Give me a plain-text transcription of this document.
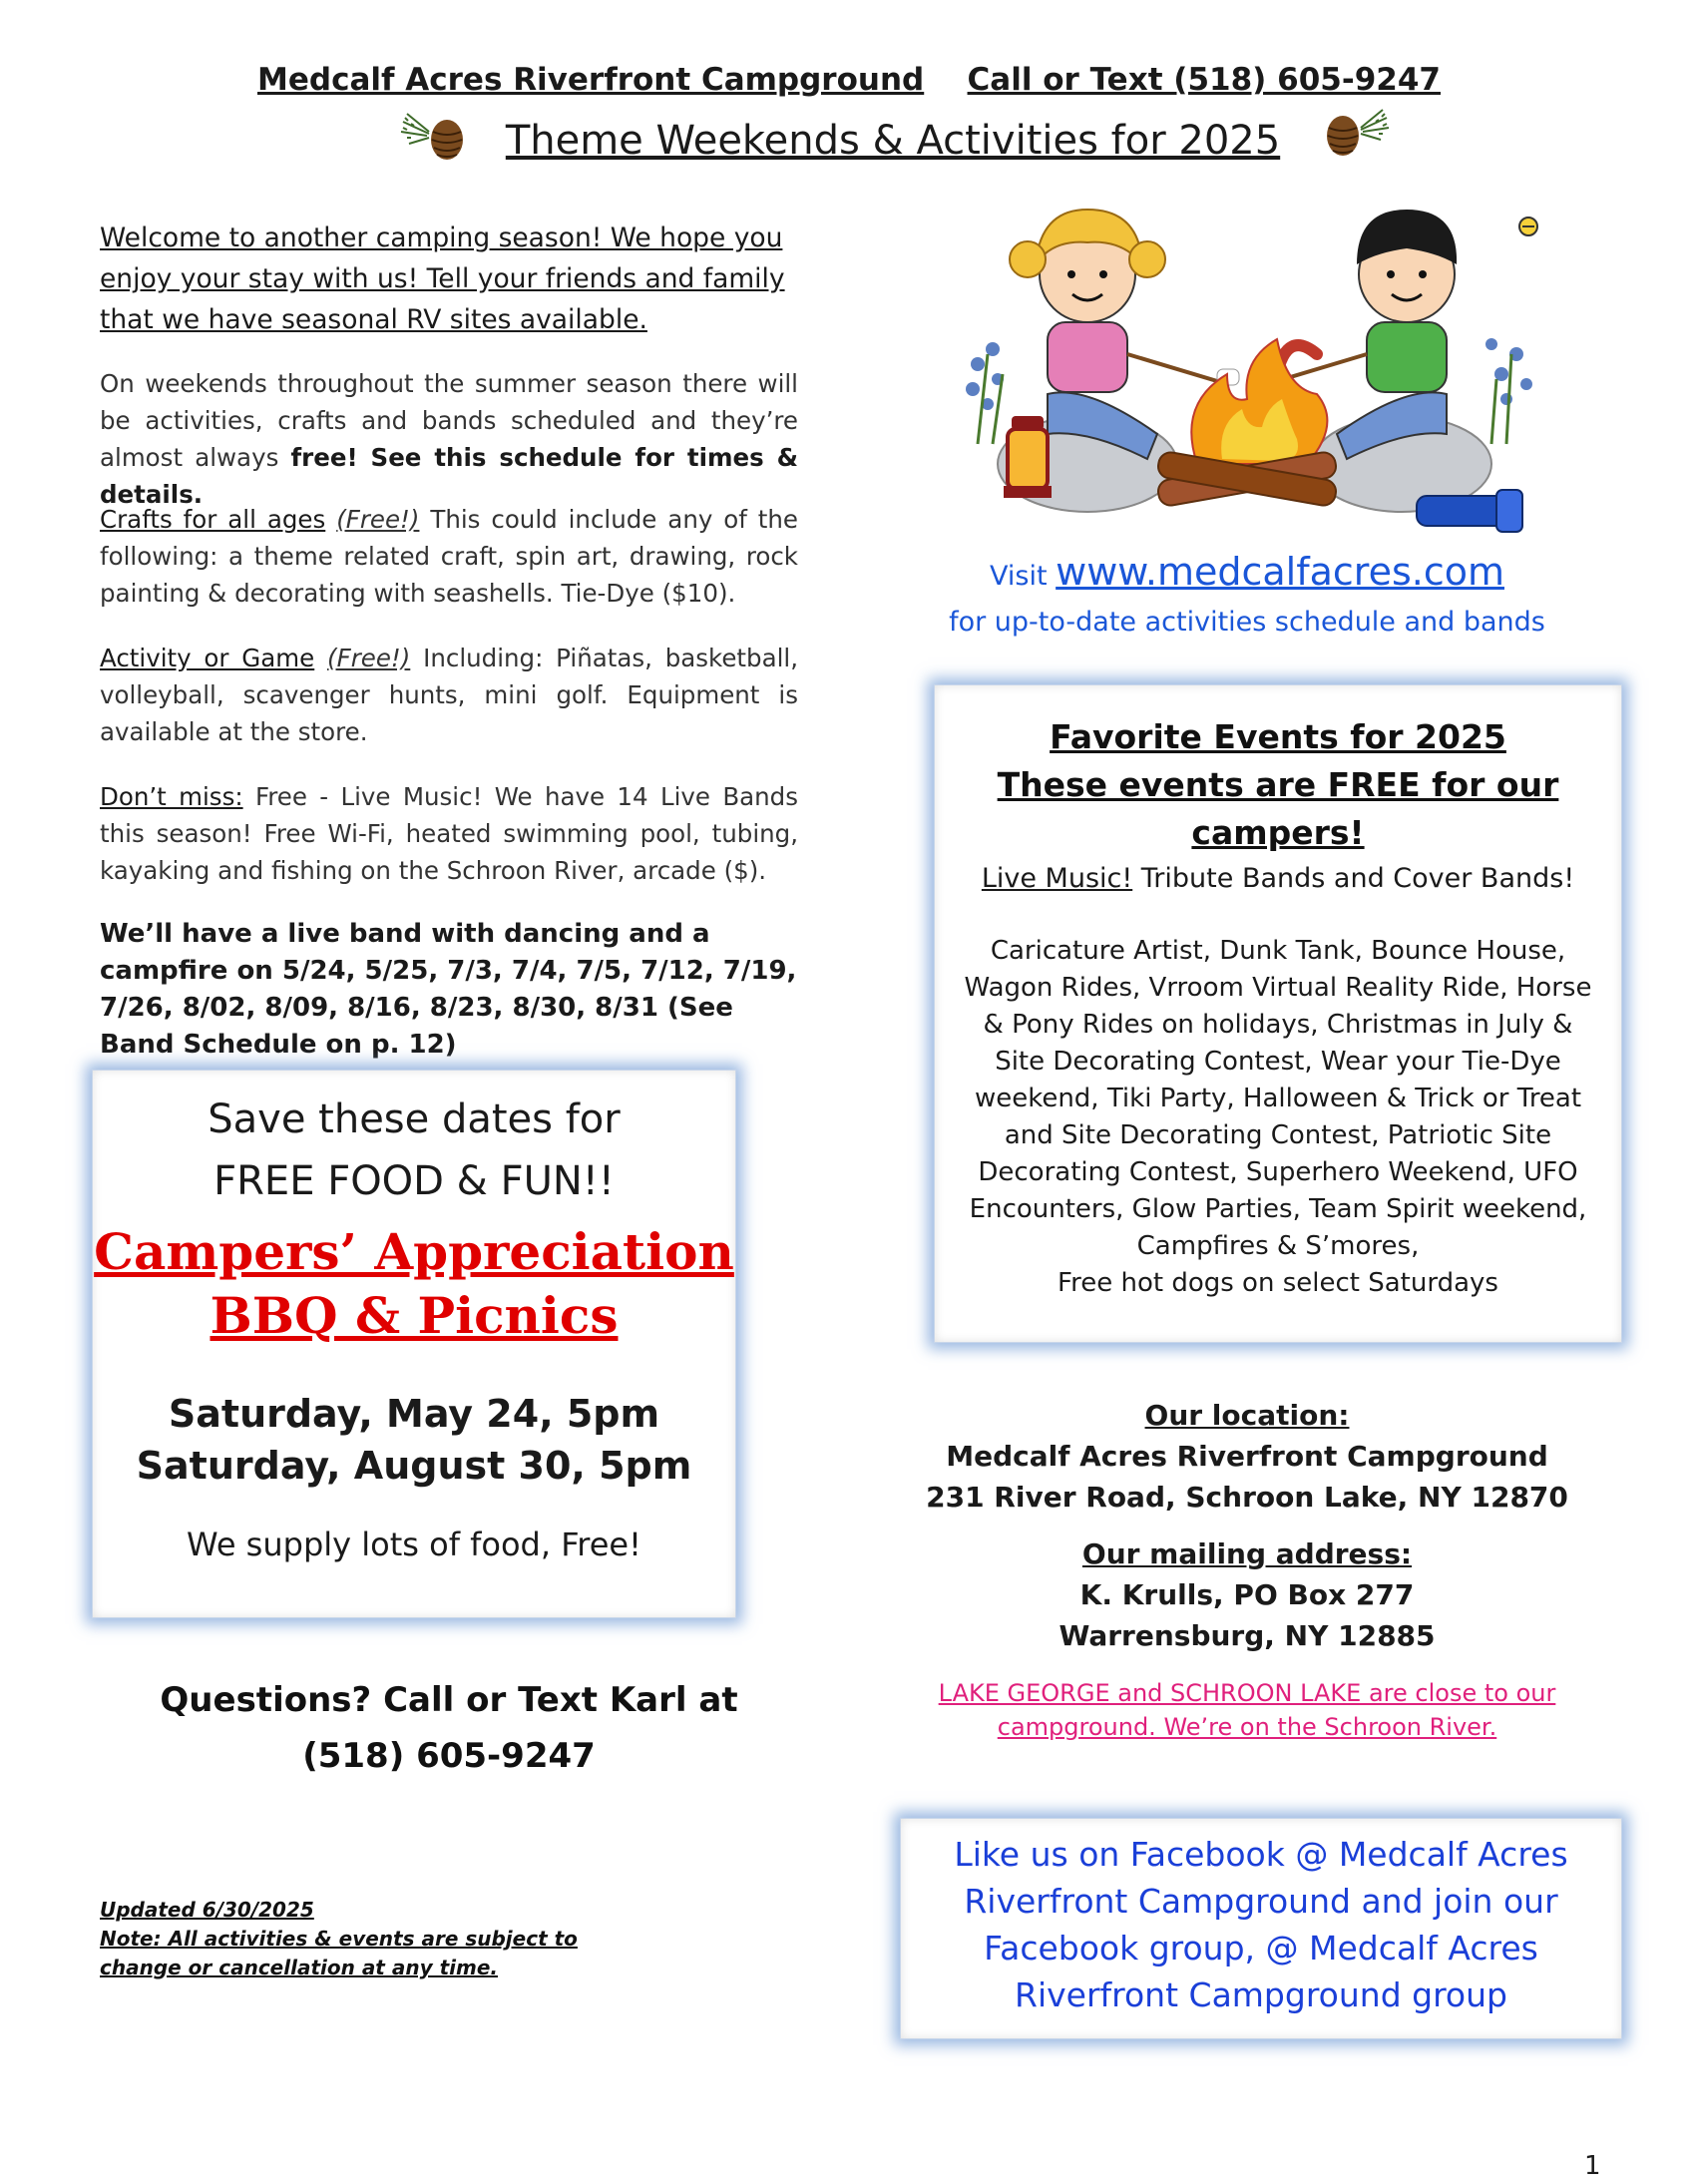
Medcalf Acres Riverfront Campground Call or Text (518) 605-9247
Theme Weekends & Activities for 2025
Welcome to another camping season! We hope you enjoy your stay with us! Tell your friends and family that we have seasonal RV sites available.
On weekends throughout the summer season there will be activities, crafts and bands scheduled and they’re almost always free! See this schedule for times & details.
Crafts for all ages (Free!) This could include any of the following: a theme related craft, spin art, drawing, rock painting & decorating with seashells. Tie-Dye ($10).
Activity or Game (Free!) Including: Piñatas, basketball, volleyball, scavenger hunts, mini golf. Equipment is available at the store.
Don’t miss: Free - Live Music! We have 14 Live Bands this season! Free Wi-Fi, heated swimming pool, tubing, kayaking and fishing on the Schroon River, arcade ($).
We’ll have a live band with dancing and a campfire on 5/24, 5/25, 7/3, 7/4, 7/5, 7/12, 7/19, 7/26, 8/02, 8/09, 8/16, 8/23, 8/30, 8/31 (See Band Schedule on p. 12)
Save these dates for
FREE FOOD & FUN!!
Campers’ Appreciation
BBQ & Picnics
Saturday, May 24, 5pm
Saturday, August 30, 5pm
We supply lots of food, Free!
Questions? Call or Text Karl at
(518) 605-9247
Updated 6/30/2025
Note: All activities & events are subject to change or cancellation at any time.
Visit www.medcalfacres.com
for up-to-date activities schedule and bands
Favorite Events for 2025
These events are FREE for our campers!
Live Music! Tribute Bands and Cover Bands!
Caricature Artist, Dunk Tank, Bounce House, Wagon Rides, Vrroom Virtual Reality Ride, Horse & Pony Rides on holidays, Christmas in July & Site Decorating Contest, Wear your Tie-Dye weekend, Tiki Party, Halloween & Trick or Treat and Site Decorating Contest, Patriotic Site Decorating Contest, Superhero Weekend, UFO Encounters, Glow Parties, Team Spirit weekend, Campfires & S’mores,
Free hot dogs on select Saturdays
Our location:
Medcalf Acres Riverfront Campground
231 River Road, Schroon Lake, NY 12870
Our mailing address:
K. Krulls, PO Box 277
Warrensburg, NY 12885
LAKE GEORGE and SCHROON LAKE are close to our campground. We’re on the Schroon River.
Like us on Facebook @ Medcalf Acres Riverfront Campground and join our Facebook group, @ Medcalf Acres Riverfront Campground group
1
